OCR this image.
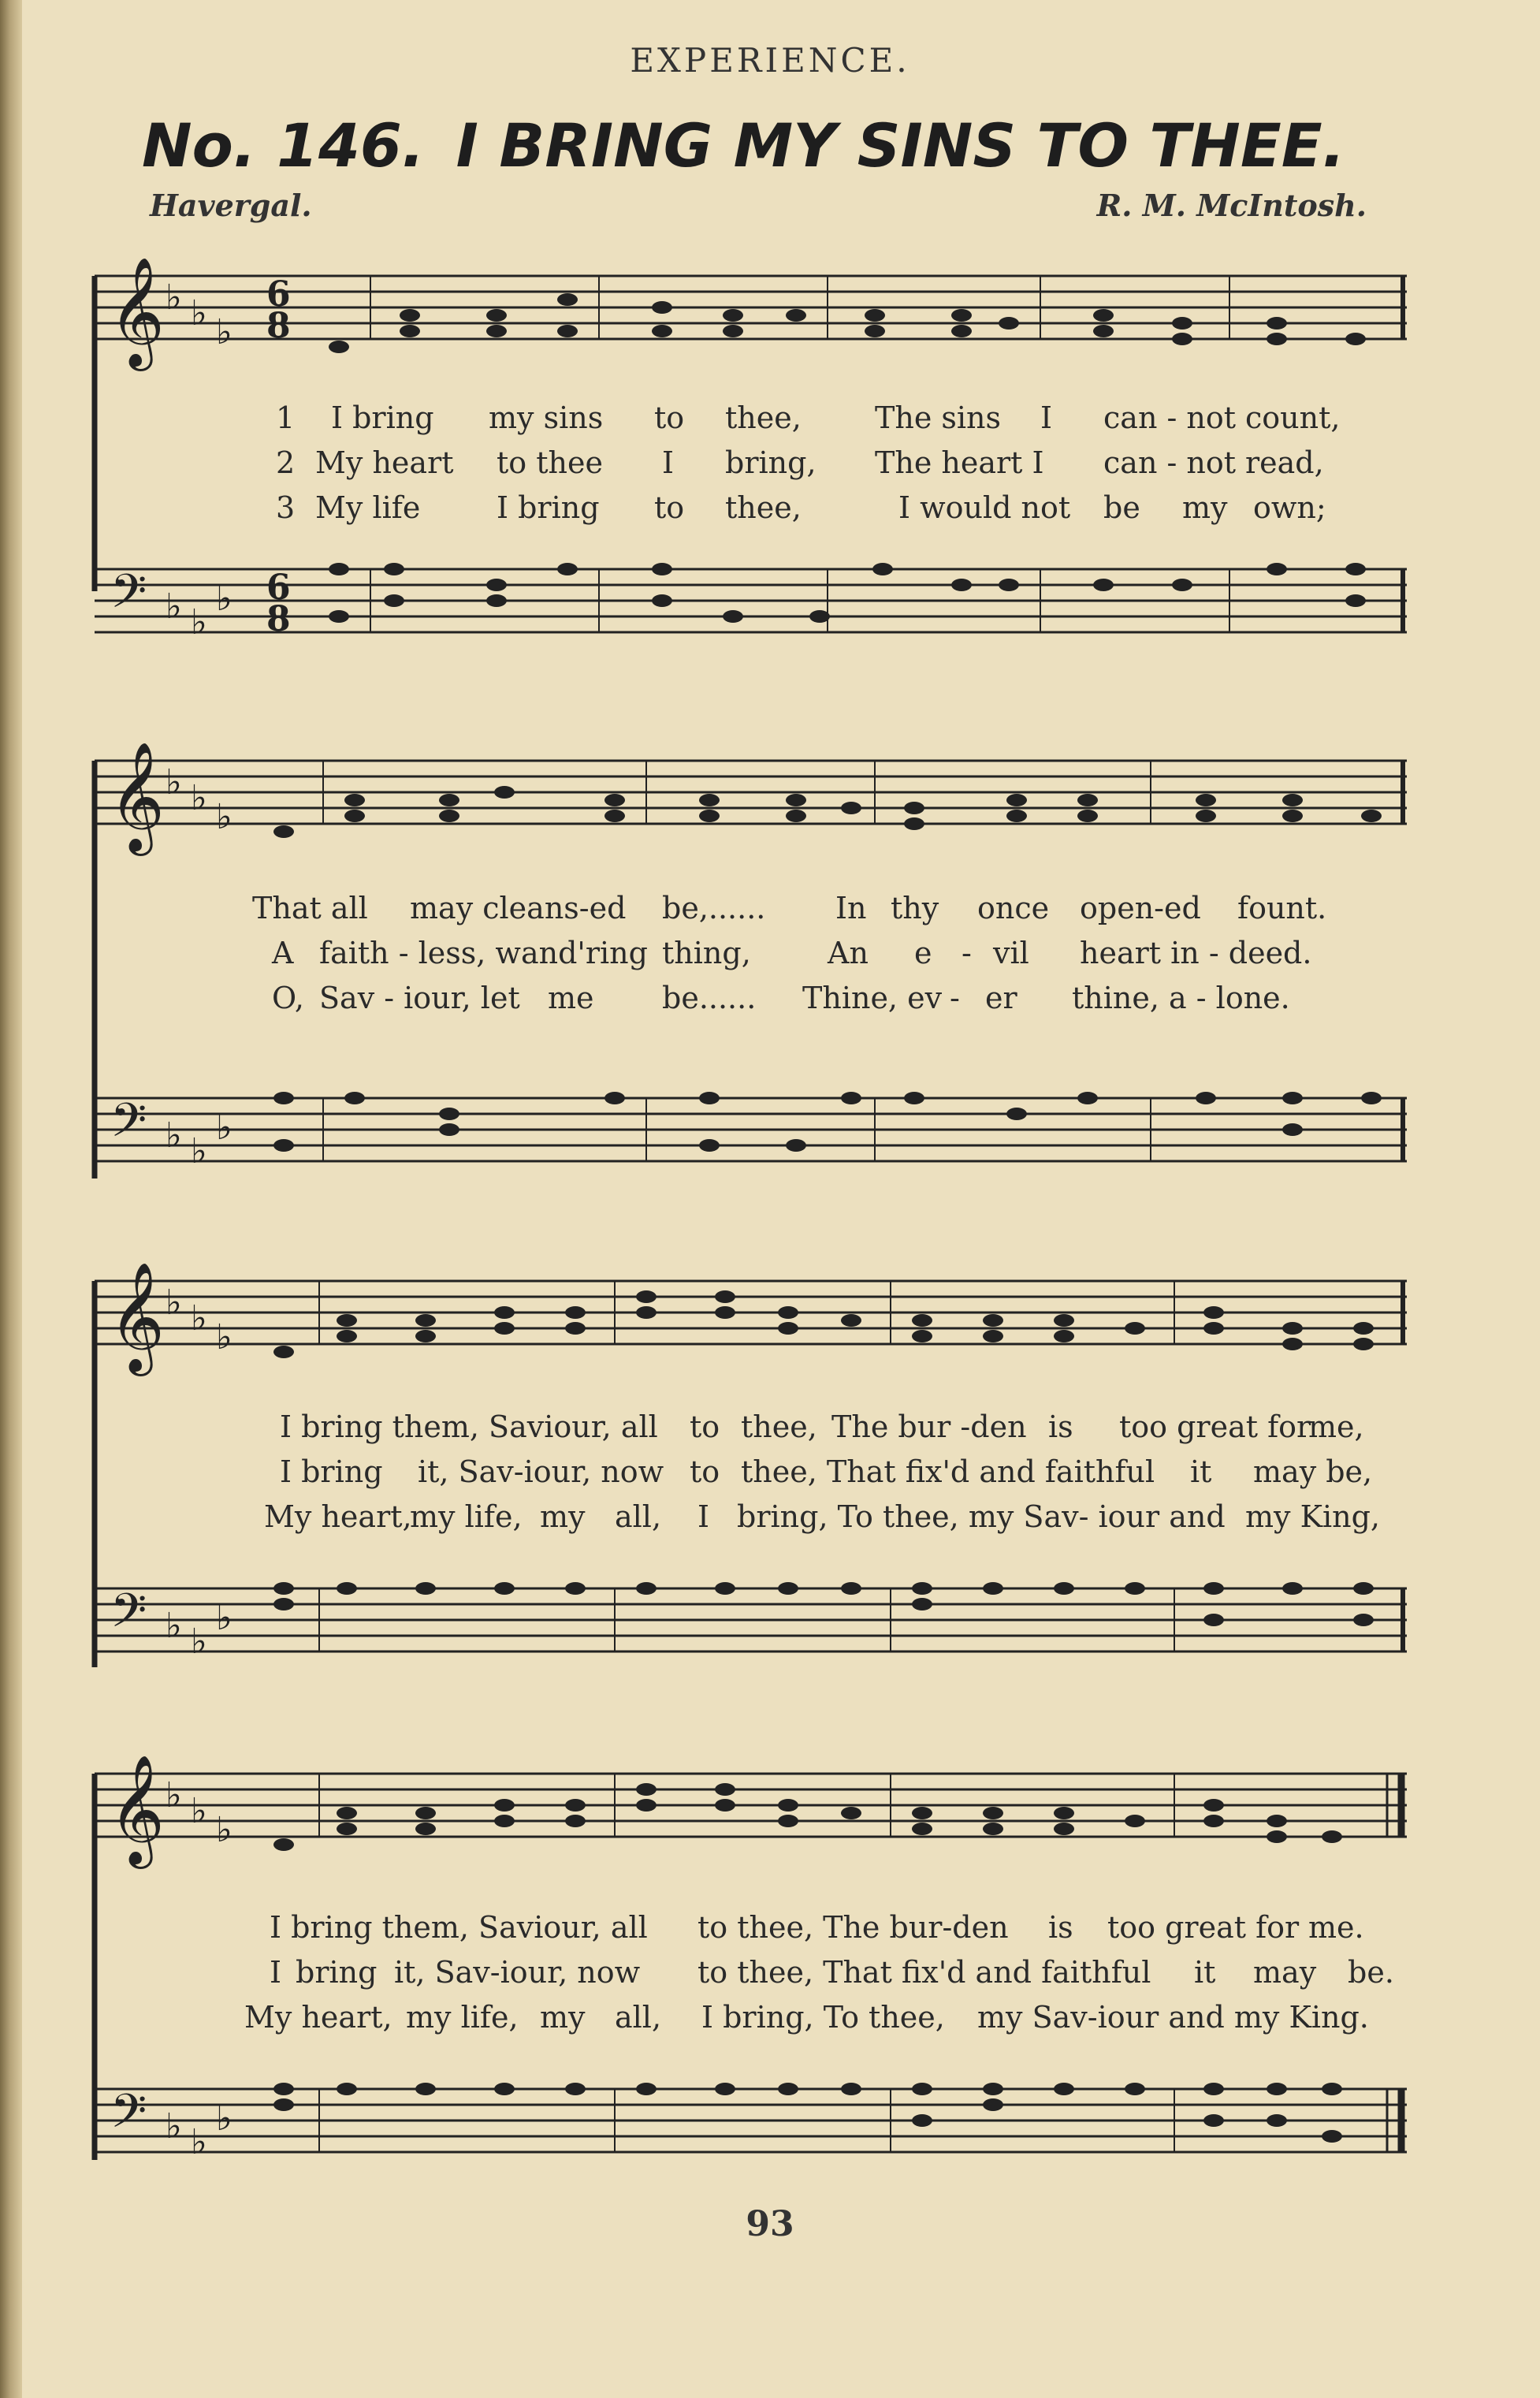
EXPERIENCE.
No. 146. I BRING MY SINS TO THEE.
Havergal.	R. M. McIntosh.
𝄞 ♭ ♭ ♭
6
8
1 I bring my sins to thee, The sins I can - not count,
2 My heart to thee I bring, The heart I can - not read,
3 My life	I bring to thee,	I would not be my own;
𝄢 ♭ ♭
♭ 6
8
𝄞 ♭ ♭ ♭
That all may cleans-ed be,...... In thy once open-ed fount.
A faith - less, wand'ring thing,	An e - vil heart in - deed.
O, Sav - iour, let me be...... Thine, ev - er thine, a - lone.
𝄢 ♭ ♭
♭
𝄞 ♭ ♭ ♭
I bring them, Saviour, all to thee, The bur -den is too great for
me,
I bring it, Sav-iour, now to thee, That fix'd and faithful it may be,
My heart,
my life, my all, I bring, To thee, my Sav- iour and my King,
𝄢 ♭ ♭
♭
𝄞 ♭ ♭ ♭
I bring them, Saviour, all to thee, The bur-den is too great for me.
I bring it, Sav-iour, now to thee, That fix'd and faithful it may be.
My heart, my life, my all, I bring, To thee, my Sav-iour and my King.
𝄢 ♭ ♭
♭
93
